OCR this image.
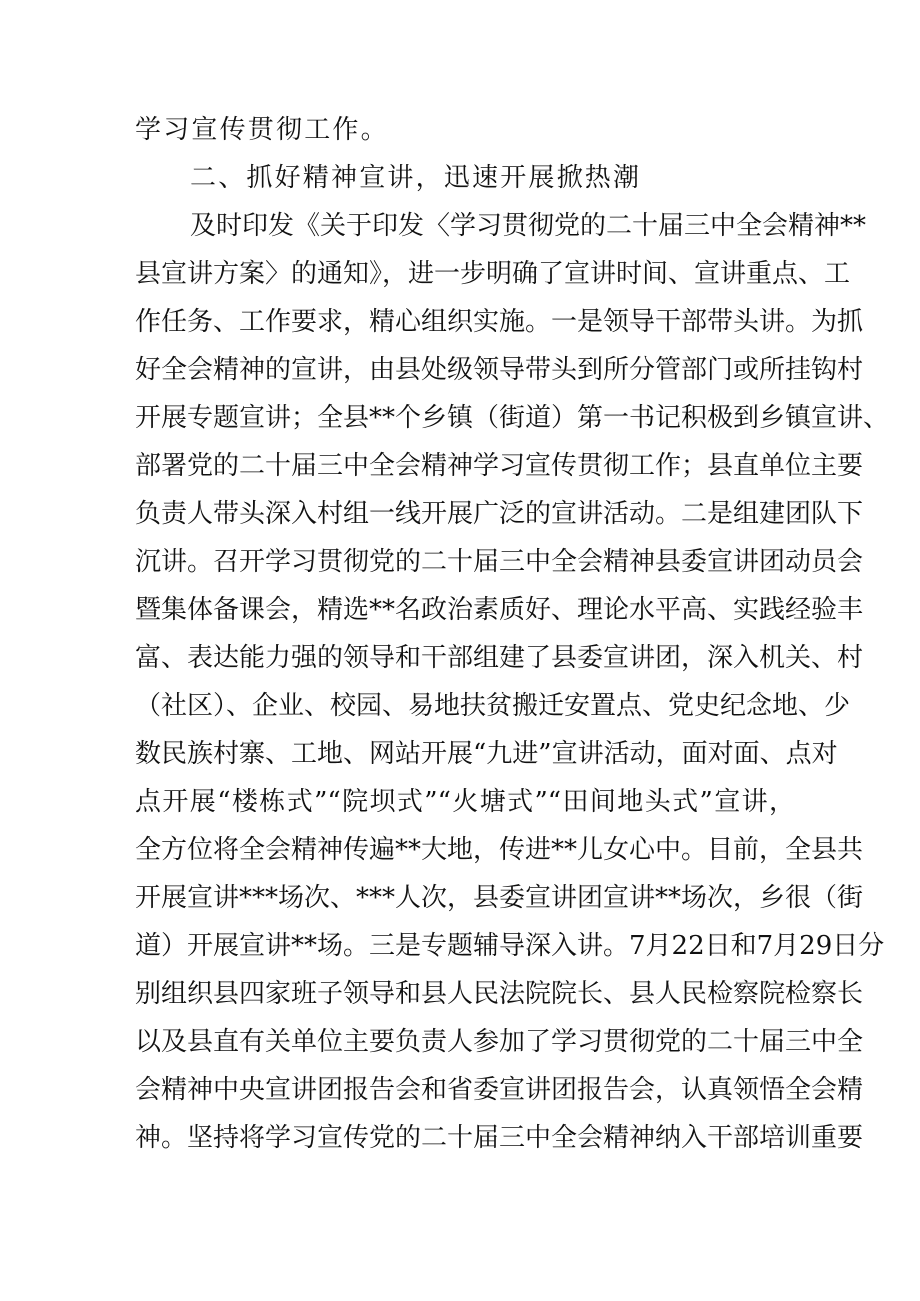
学习宣传贯彻工作。
二、抓好精神宣讲，迅速开展掀热潮
及时印发《关于印发〈学习贯彻党的二十届三中全会精神**
县宣讲方案〉的通知》，进一步明确了宣讲时间、宣讲重点、工
作任务、工作要求，精心组织实施。一是领导干部带头讲。为抓
好全会精神的宣讲，由县处级领导带头到所分管部门或所挂钩村
开展专题宣讲；全县**个乡镇（街道）第一书记积极到乡镇宣讲、
部署党的二十届三中全会精神学习宣传贯彻工作；县直单位主要
负责人带头深入村组一线开展广泛的宣讲活动。二是组建团队下
沉讲。召开学习贯彻党的二十届三中全会精神县委宣讲团动员会
暨集体备课会，精选**名政治素质好、理论水平高、实践经验丰
富、表达能力强的领导和干部组建了县委宣讲团，深入机关、村
（社区）、企业、校园、易地扶贫搬迁安置点、党史纪念地、少
数民族村寨、工地、网站开展“九进”宣讲活动，面对面、点对
点开展“楼栋式”“院坝式”“火塘式”“田间地头式”宣讲，
全方位将全会精神传遍**大地，传进**儿女心中。目前，全县共
开展宣讲***场次、***人次，县委宣讲团宣讲**场次，乡很（街
道）开展宣讲**场。三是专题辅导深入讲。7月22日和7月29日分
别组织县四家班子领导和县人民法院院长、县人民检察院检察长
以及县直有关单位主要负责人参加了学习贯彻党的二十届三中全
会精神中央宣讲团报告会和省委宣讲团报告会，认真领悟全会精
神。坚持将学习宣传党的二十届三中全会精神纳入干部培训重要
